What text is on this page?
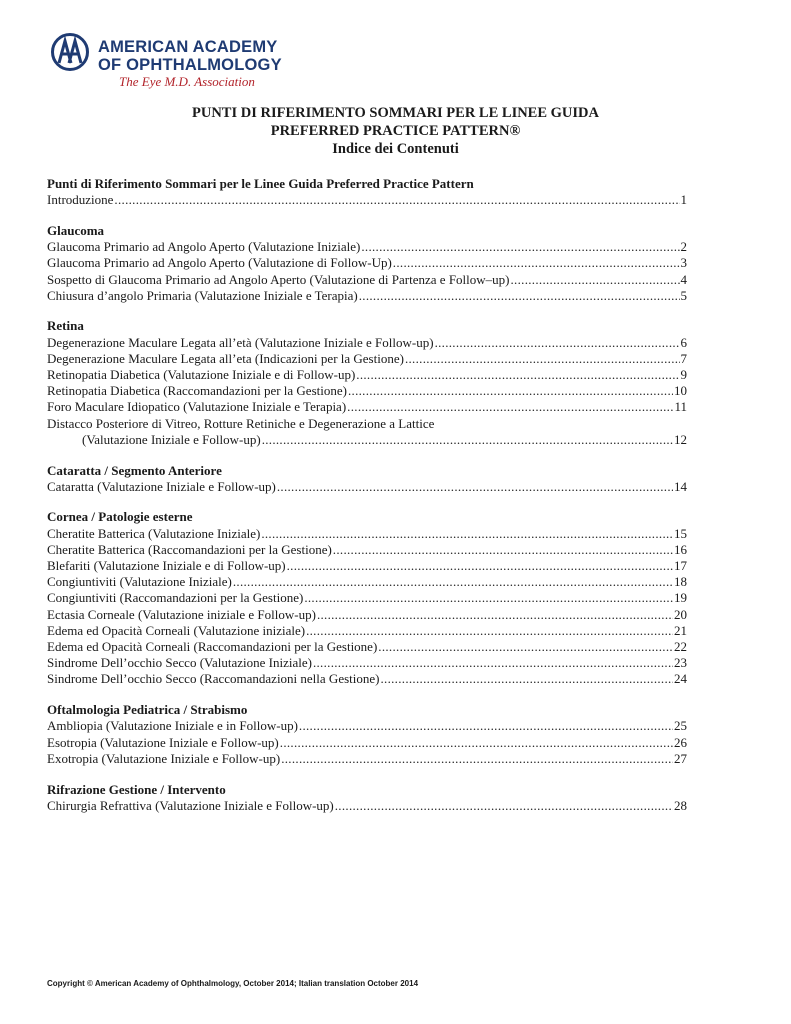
AMERICAN ACADEMY
OF OPHTHALMOLOGY
The Eye M.D. Association
PUNTI DI RIFERIMENTO SOMMARI PER LE LINEE GUIDA
PREFERRED PRACTICE PATTERN®
Indice dei Contenuti
Punti di Riferimento Sommari per le Linee Guida Preferred Practice Pattern
Introduzione .....	1
Glaucoma
Glaucoma Primario ad Angolo Aperto (Valutazione Iniziale) .....	2
Glaucoma Primario ad Angolo Aperto (Valutazione di Follow-Up) .....	3
Sospetto di Glaucoma Primario ad Angolo Aperto (Valutazione di Partenza e Follow–up) .....	4
Chiusura d’angolo Primaria (Valutazione Iniziale e Terapia) .....	5
Retina
Degenerazione Maculare Legata all’età (Valutazione Iniziale e Follow-up) .....	6
Degenerazione Maculare Legata all’eta (Indicazioni per la Gestione) .....	7
Retinopatia Diabetica (Valutazione Iniziale e di Follow-up) .....	9
Retinopatia Diabetica (Raccomandazioni per la Gestione) .....	10
Foro Maculare Idiopatico (Valutazione Iniziale e Terapia) .....	11
Distacco Posteriore di Vitreo, Rotture Retiniche e Degenerazione a Lattice
(Valutazione Iniziale e Follow-up) .....	12
Cataratta / Segmento Anteriore
Cataratta (Valutazione Iniziale e Follow-up) .....	14
Cornea / Patologie esterne
Cheratite Batterica (Valutazione Iniziale) .....	15
Cheratite Batterica (Raccomandazioni per la Gestione) .....	16
Blefariti (Valutazione Iniziale e di Follow-up) .....	17
Congiuntiviti (Valutazione Iniziale) .....	18
Congiuntiviti (Raccomandazioni per la Gestione) .....	19
Ectasia Corneale (Valutazione iniziale e Follow-up) .....	20
Edema ed Opacità Corneali (Valutazione iniziale) .....	21
Edema ed Opacità Corneali (Raccomandazioni per la Gestione) .....	22
Sindrome Dell’occhio Secco (Valutazione Iniziale) .....	23
Sindrome Dell’occhio Secco (Raccomandazioni nella Gestione) .....	24
Oftalmologia Pediatrica / Strabismo
Ambliopia (Valutazione Iniziale e in Follow-up) .....	25
Esotropia (Valutazione Iniziale e Follow-up) .....	26
Exotropia (Valutazione Iniziale e Follow-up) .....	27
Rifrazione Gestione / Intervento
Chirurgia Refrattiva (Valutazione Iniziale e Follow-up) .....	28
Copyright © American Academy of Ophthalmology, October 2014; Italian translation October 2014
